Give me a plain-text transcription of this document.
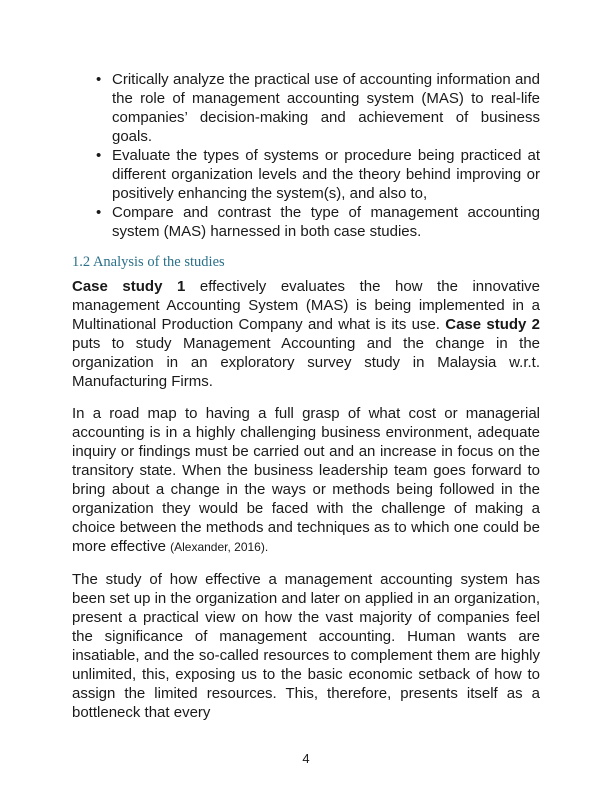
• Critically analyze the practical use of accounting information and the role of management accounting system (MAS) to real-life companies’ decision-making and achievement of business goals.
• Evaluate the types of systems or procedure being practiced at different organization levels and the theory behind improving or positively enhancing the system(s), and also to,
• Compare and contrast the type of management accounting system (MAS) harnessed in both case studies.
1.2 Analysis of the studies

Case study 1 effectively evaluates the how the innovative management Accounting System (MAS) is being implemented in a Multinational Production Company and what is its use. Case study 2 puts to study Management Accounting and the change in the organization in an exploratory survey study in Malaysia w.r.t. Manufacturing Firms.

In a road map to having a full grasp of what cost or managerial accounting is in a highly challenging business environment, adequate inquiry or findings must be carried out and an increase in focus on the transitory state. When the business leadership team goes forward to bring about a change in the ways or methods being followed in the organization they would be faced with the challenge of making a choice between the methods and techniques as to which one could be more effective (Alexander, 2016).

The study of how effective a management accounting system has been set up in the organization and later on applied in an organization, present a practical view on how the vast majority of companies feel the significance of management accounting. Human wants are insatiable, and the so-called resources to complement them are highly unlimited, this, exposing us to the basic economic setback of how to assign the limited resources. This, therefore, presents itself as a bottleneck that every

4
